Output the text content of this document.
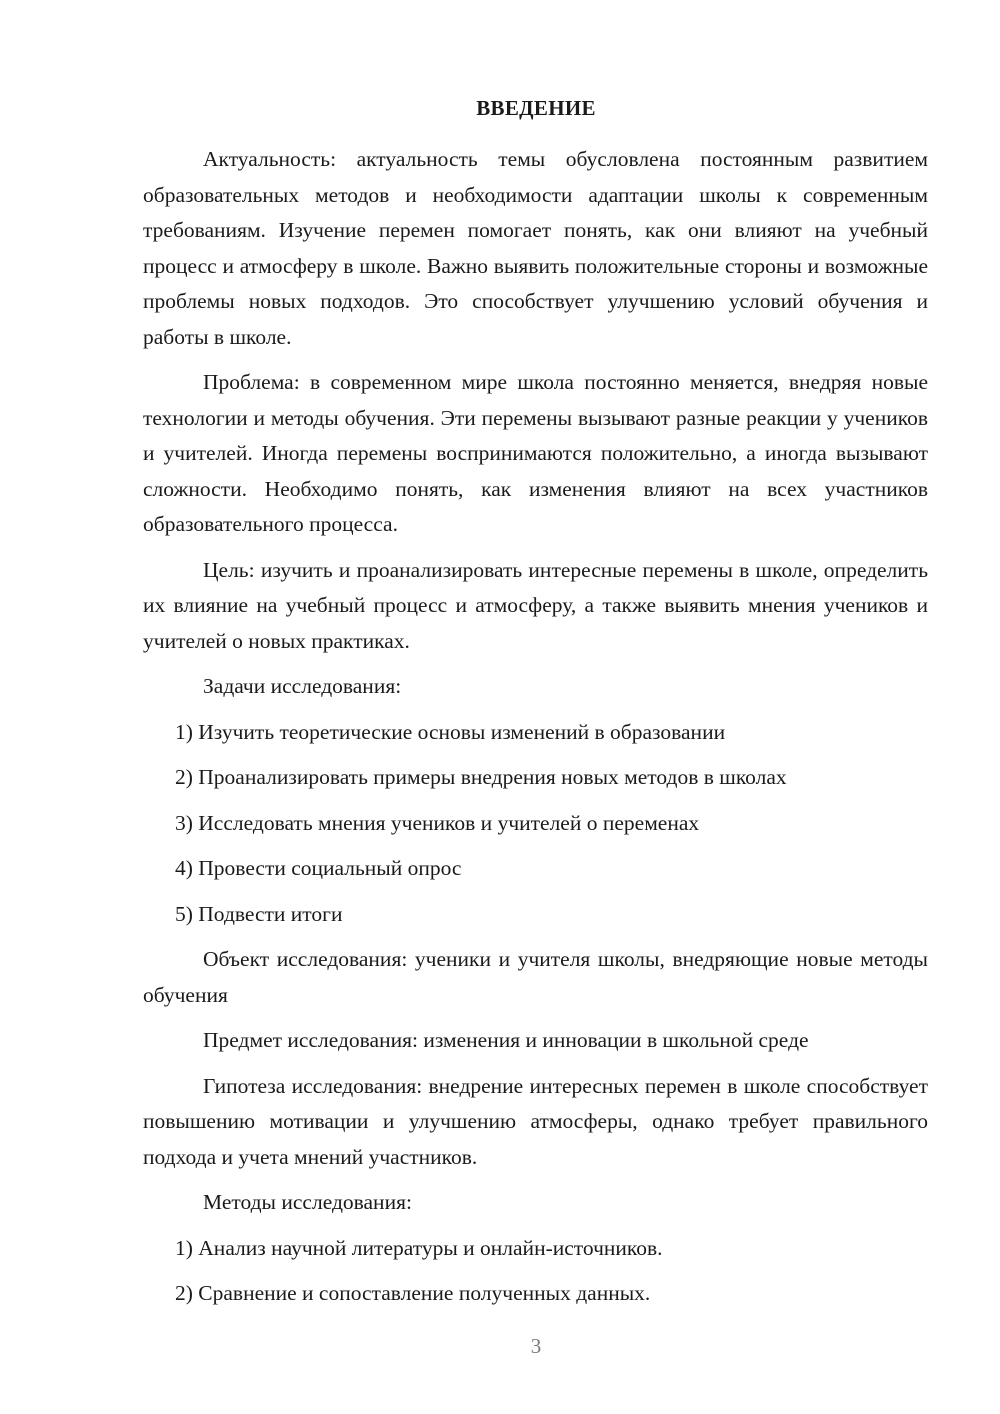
ВВЕДЕНИЕ

Актуальность: актуальность темы обусловлена постоянным развитием образовательных методов и необходимости адаптации школы к современным требованиям. Изучение перемен помогает понять, как они влияют на учебный процесс и атмосферу в школе. Важно выявить положительные стороны и возможные проблемы новых подходов. Это способствует улучшению условий обучения и работы в школе.

Проблема: в современном мире школа постоянно меняется, внедряя новые технологии и методы обучения. Эти перемены вызывают разные реакции у учеников и учителей. Иногда перемены воспринимаются положительно, а иногда вызывают сложности. Необходимо понять, как изменения влияют на всех участников образовательного процесса.

Цель: изучить и проанализировать интересные перемены в школе, определить их влияние на учебный процесс и атмосферу, а также выявить мнения учеников и учителей о новых практиках.

Задачи исследования:

1) Изучить теоретические основы изменений в образовании
2) Проанализировать примеры внедрения новых методов в школах
3) Исследовать мнения учеников и учителей о переменах
4) Провести социальный опрос
5) Подвести итоги

Объект исследования: ученики и учителя школы, внедряющие новые методы обучения

Предмет исследования: изменения и инновации в школьной среде

Гипотеза исследования: внедрение интересных перемен в школе способствует повышению мотивации и улучшению атмосферы, однако требует правильного подхода и учета мнений участников.

Методы исследования:

1) Анализ научной литературы и онлайн-источников.
2) Сравнение и сопоставление полученных данных.
3
